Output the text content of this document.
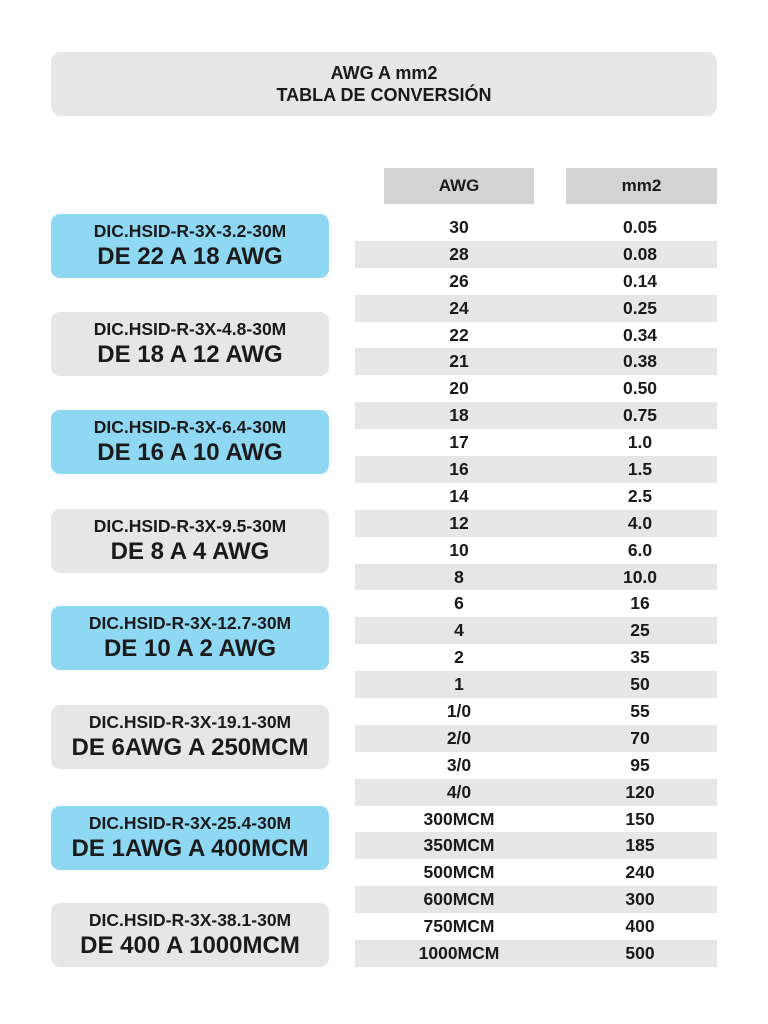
AWG A mm2
TABLA DE CONVERSIÓN
AWG	mm2
30	0.05
28	0.08
26	0.14
24	0.25
22	0.34
21	0.38
20	0.50
18	0.75
17	1.0
16	1.5
14	2.5
12	4.0
10	6.0
8	10.0
6	16
4	25
2	35
1	50
1/0	55
2/0	70
3/0	95
4/0	120
300MCM	150
350MCM	185
500MCM	240
600MCM	300
750MCM	400
1000MCM	500
DIC.HSID-R-3X-3.2-30M
DE 22 A 18 AWG
DIC.HSID-R-3X-4.8-30M
DE 18 A 12 AWG
DIC.HSID-R-3X-6.4-30M
DE 16 A 10 AWG
DIC.HSID-R-3X-9.5-30M
DE 8 A 4 AWG
DIC.HSID-R-3X-12.7-30M
DE 10 A 2 AWG
DIC.HSID-R-3X-19.1-30M
DE 6AWG A 250MCM
DIC.HSID-R-3X-25.4-30M
DE 1AWG A 400MCM
DIC.HSID-R-3X-38.1-30M
DE 400 A 1000MCM
